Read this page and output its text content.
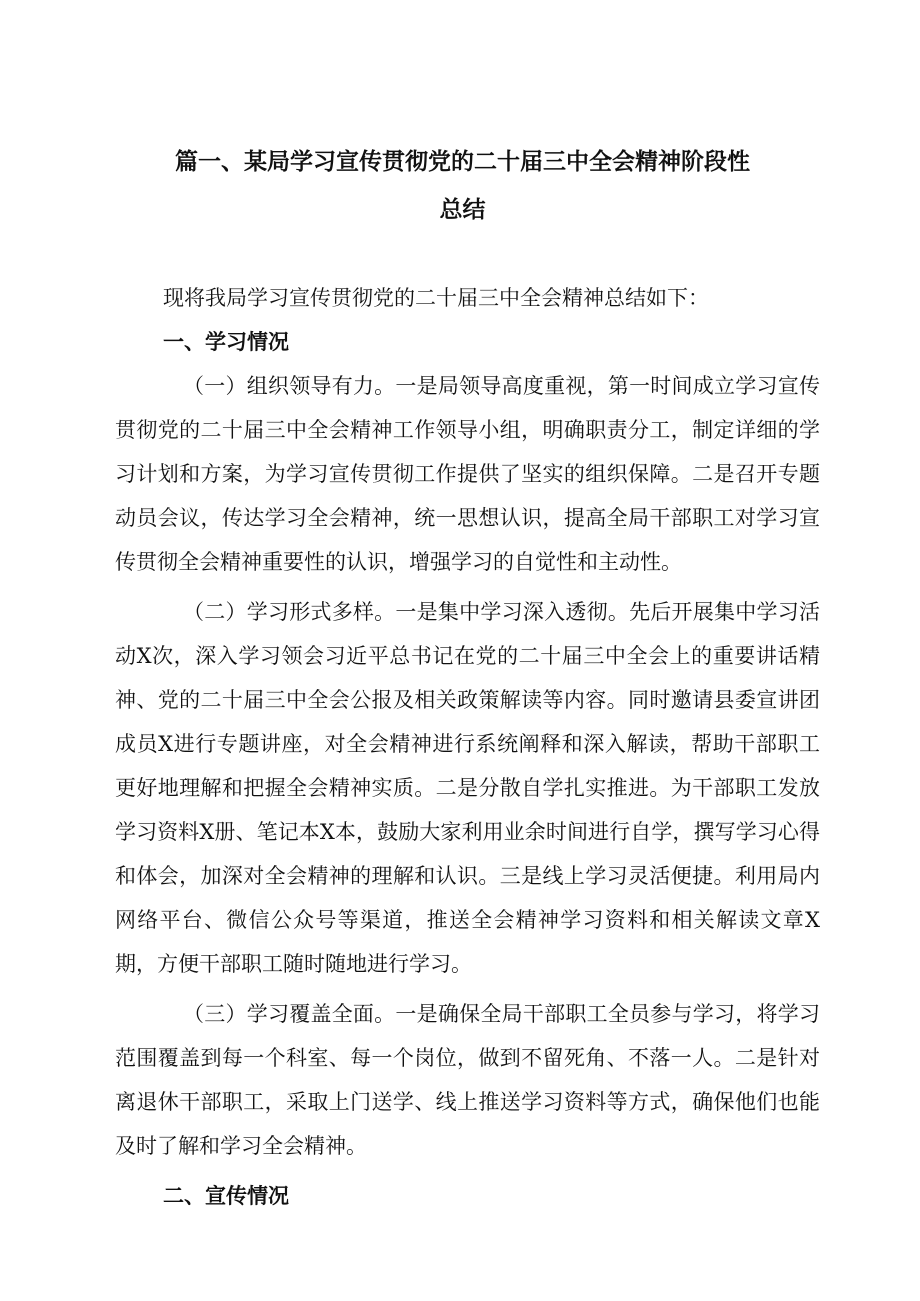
篇一、某局学习宣传贯彻党的二十届三中全会精神阶段性
总结

现将我局学习宣传贯彻党的二十届三中全会精神总结如下：

一、学习情况

（一）组织领导有力。一是局领导高度重视，第一时间成立学习宣传贯彻党的二十届三中全会精神工作领导小组，明确职责分工，制定详细的学习计划和方案，为学习宣传贯彻工作提供了坚实的组织保障。二是召开专题动员会议，传达学习全会精神，统一思想认识，提高全局干部职工对学习宣传贯彻全会精神重要性的认识，增强学习的自觉性和主动性。

（二）学习形式多样。一是集中学习深入透彻。先后开展集中学习活动X次，深入学习领会习近平总书记在党的二十届三中全会上的重要讲话精神、党的二十届三中全会公报及相关政策解读等内容。同时邀请县委宣讲团成员X进行专题讲座，对全会精神进行系统阐释和深入解读，帮助干部职工更好地理解和把握全会精神实质。二是分散自学扎实推进。为干部职工发放学习资料X册、笔记本X本，鼓励大家利用业余时间进行自学，撰写学习心得和体会，加深对全会精神的理解和认识。三是线上学习灵活便捷。利用局内网络平台、微信公众号等渠道，推送全会精神学习资料和相关解读文章X期，方便干部职工随时随地进行学习。

（三）学习覆盖全面。一是确保全局干部职工全员参与学习，将学习范围覆盖到每一个科室、每一个岗位，做到不留死角、不落一人。二是针对离退休干部职工，采取上门送学、线上推送学习资料等方式，确保他们也能及时了解和学习全会精神。

二、宣传情况
